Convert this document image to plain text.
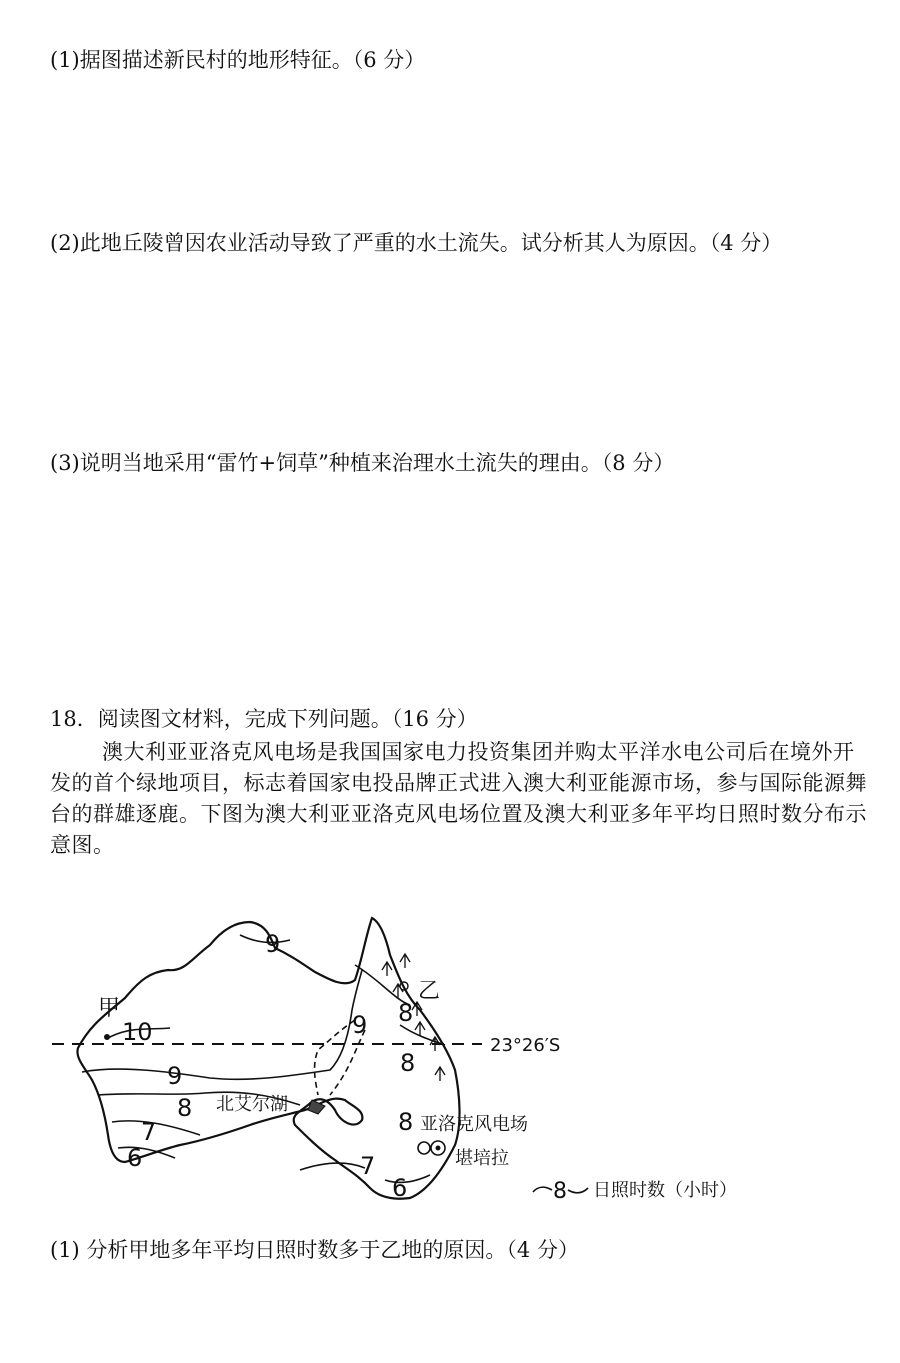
(1)据图描述新民村的地形特征。（6 分）
(2)此地丘陵曾因农业活动导致了严重的水土流失。试分析其人为原因。（4 分）
(3)说明当地采用“雷竹+饲草”种植来治理水土流失的理由。（8 分）
18．阅读图文材料，完成下列问题。（16 分）
澳大利亚亚洛克风电场是我国国家电力投资集团并购太平洋水电公司后在境外开发的首个绿地项目，标志着国家电投品牌正式进入澳大利亚能源市场，参与国际能源舞台的群雄逐鹿。下图为澳大利亚亚洛克风电场位置及澳大利亚多年平均日照时数分布示意图。
23°26′S
甲
乙
北艾尔湖
亚洛克风电场
堪培拉
9
10
9
8
7
6
9 8
8
8
7
6	8 日照时数（小时）
(1) 分析甲地多年平均日照时数多于乙地的原因。（4 分）
